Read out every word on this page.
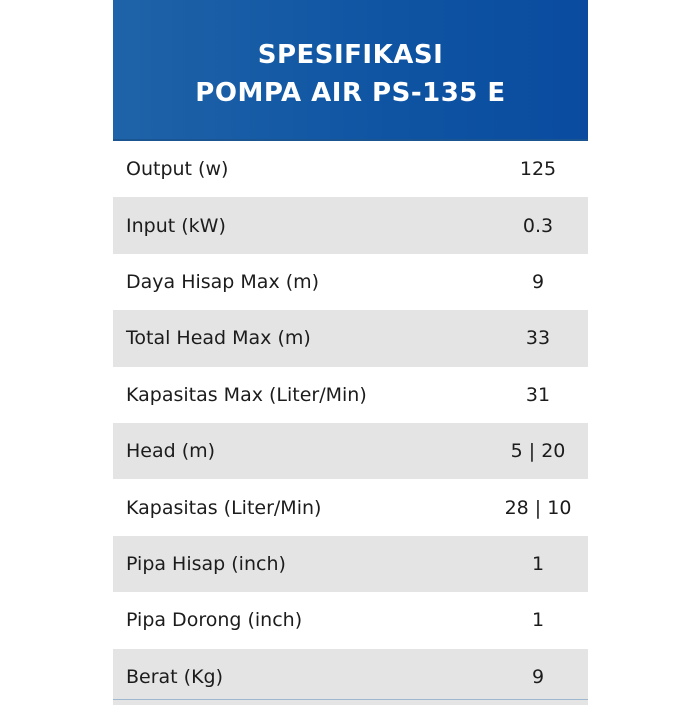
SPESIFIKASI
POMPA AIR PS-135 E
Output (w)	125
Input (kW)	0.3
Daya Hisap Max (m)	9
Total Head Max (m)	33
Kapasitas Max (Liter/Min)	31
Head (m)	5 | 20
Kapasitas (Liter/Min)	28 | 10
Pipa Hisap (inch)	1
Pipa Dorong (inch)	1
Berat (Kg)	9
